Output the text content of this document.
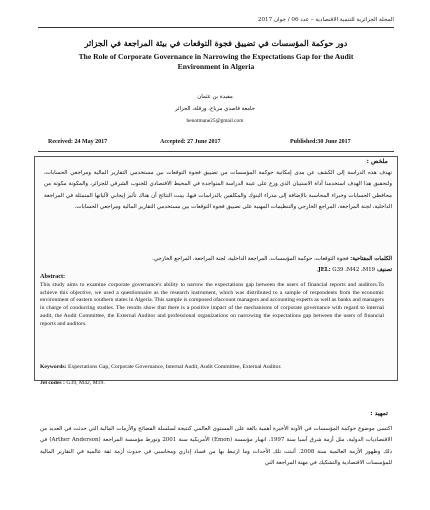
المجلة الجزائرية للتنمية الاقتصادية – عدد 06 / جوان 2017
دور حوكمة المؤسسات في تضييق فجوة التوقعات في بيئة المراجعة في الجزائر
The Role of Corporate Governance in Narrowing the Expectations Gap for the Audit Environment in Algeria
مفيدة بن عثمان
جامعة قاصدي مرباح، ورقلة، الجزائر
benotmane25@gmail.com
Received: 24 May 2017	Accepted: 27 June 2017	Published:30 June 2017
ملخص :
تهدف هذه الدراسة إلى الكشف عن مدى إمكانية حوكمة المؤسسات من تضييق فجوة التوقعات بين مستخدمي التقارير المالية ومراجعي الحسابات، ولتحقيق هذا الهدف استخدمنا أداة الاستبيان الذي وزع على عينة الدراسة المتواجدة في المحيط الاقتصادي للجنوب الشرقي للجزائر، والمكونة مكونة من محافظي الحسابات وخبراء المحاسبة بالإضافة إلى مدراء البنوك والمكلفين بالدراسات فيها، بينت النتائج أن هناك تأثير إيجابي لآلياتها المتمثلة في المراجعة الداخلية، لجنة المراجعة، المراجع الخارجي والتنظيمات المهنية على تضييق فجوة التوقعات بين مستخدمي التقارير المالية ومراجعي الحسابات.
الكلمات المفتاحية: فجوة التوقعات، حوكمة المؤسسات، المراجعة الداخلية، لجنة المراجعة، المراجع الخارجي.
تصنيف JEL: G39 ،M42 ،M19.
Abstract:
This study aims to examine corporate governance's ability to narrow the expectations gap between the users of financial reports and auditors.To achieve this objective, we used a questionnaire as the research instrument, which was distributed to a sample of respondents from the economic environment of eastern southern states in Algeria. This sample is composed ofaccount managers and accounting experts as well as banks and managers in charge of conducting studies. The results show that there is a positive impact of the mechanisms of corporate governance with regard to internal audit, the Audit Committee, the External Auditor and professional organizations on narrowing the expectations gap between the users of financial reports and auditors.
Keywords: Expectations Gap, Corporate Governance, Internal Audit, Audit Committee, External Auditor.
Jel codes : G39, M42, M19.
تمهيد :
اكتسى موضوع حوكمة المؤسسات في الآونة الأخيرة أهمية بالغة على المستوى العالمي كنتيجة لسلسلة الفضائح والأزمات المالية التي حدثت في العديد من الاقتصاديات الدولية، مثل أزمة شرق آسيا سنة 1997، انهيار مؤسسة (Emon) الأمريكية سنة 2001 وتورط مؤسسة المراجعة (Arther Anderson) في ذلك وظهور الأزمة العالمية سنة 2008. أثبتت تلك الأحداث وما ارتبط بها من فساد إداري ومحاسبي في حدوث أزمة ثقة عالمية في التقارير المالية للمؤسسات الاقتصادية والتشكيك في مهنة المراجعة التي
